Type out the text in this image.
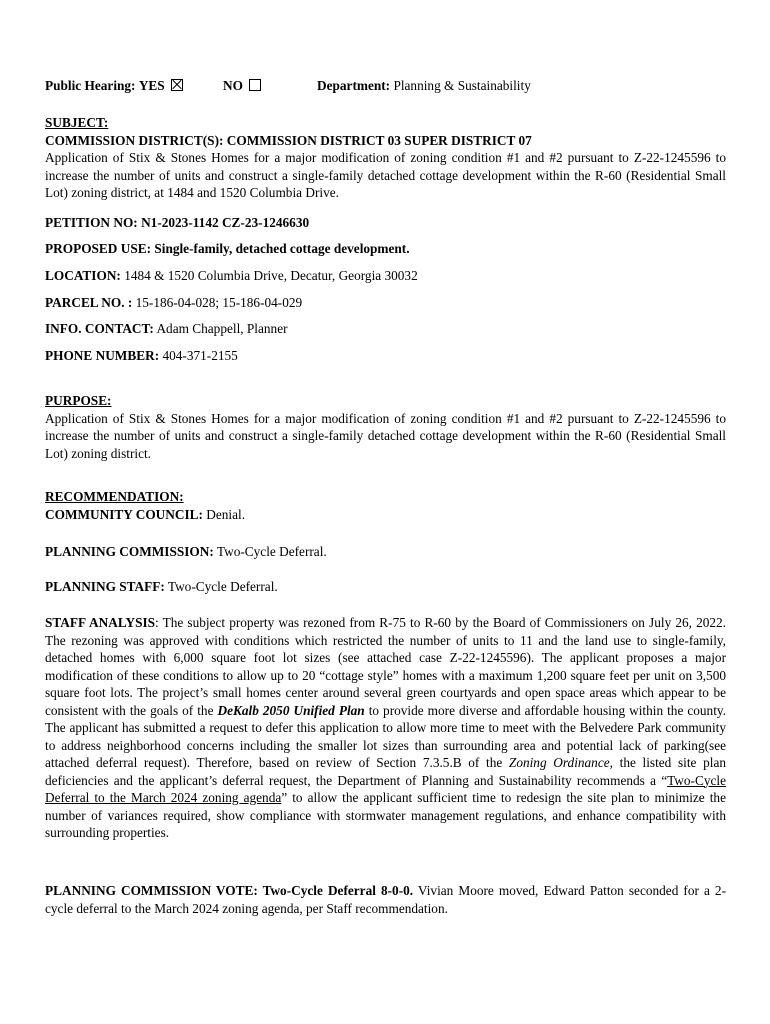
Public Hearing: YES	NO	Department: Planning & Sustainability
SUBJECT:
COMMISSION DISTRICT(S): COMMISSION DISTRICT 03 SUPER DISTRICT 07
Application of Stix & Stones Homes for a major modification of zoning condition #1 and #2 pursuant to Z-22-1245596 to increase the number of units and construct a single-family detached cottage development within the R-60 (Residential Small Lot) zoning district, at 1484 and 1520 Columbia Drive.
PETITION NO: N1-2023-1142 CZ-23-1246630
PROPOSED USE: Single-family, detached cottage development.
LOCATION: 1484 & 1520 Columbia Drive, Decatur, Georgia 30032
PARCEL NO. : 15-186-04-028; 15-186-04-029
INFO. CONTACT: Adam Chappell, Planner
PHONE NUMBER: 404-371-2155
PURPOSE:
Application of Stix & Stones Homes for a major modification of zoning condition #1 and #2 pursuant to Z-22-1245596 to increase the number of units and construct a single-family detached cottage development within the R-60 (Residential Small Lot) zoning district.
RECOMMENDATION:
COMMUNITY COUNCIL: Denial.
PLANNING COMMISSION: Two-Cycle Deferral.
PLANNING STAFF: Two-Cycle Deferral.
STAFF ANALYSIS: The subject property was rezoned from R-75 to R-60 by the Board of Commissioners on July 26, 2022. The rezoning was approved with conditions which restricted the number of units to 11 and the land use to single-family, detached homes with 6,000 square foot lot sizes (see attached case Z-22-1245596). The applicant proposes a major modification of these conditions to allow up to 20 “cottage style” homes with a maximum 1,200 square feet per unit on 3,500 square foot lots. The project’s small homes center around several green courtyards and open space areas which appear to be consistent with the goals of the DeKalb 2050 Unified Plan to provide more diverse and affordable housing within the county. The applicant has submitted a request to defer this application to allow more time to meet with the Belvedere Park community to address neighborhood concerns including the smaller lot sizes than surrounding area and potential lack of parking(see attached deferral request). Therefore, based on review of Section 7.3.5.B of the Zoning Ordinance, the listed site plan deficiencies and the applicant’s deferral request, the Department of Planning and Sustainability recommends a “Two-Cycle Deferral to the March 2024 zoning agenda” to allow the applicant sufficient time to redesign the site plan to minimize the number of variances required, show compliance with stormwater management regulations, and enhance compatibility with surrounding properties.
PLANNING COMMISSION VOTE: Two-Cycle Deferral 8-0-0. Vivian Moore moved, Edward Patton seconded for a 2-cycle deferral to the March 2024 zoning agenda, per Staff recommendation.
